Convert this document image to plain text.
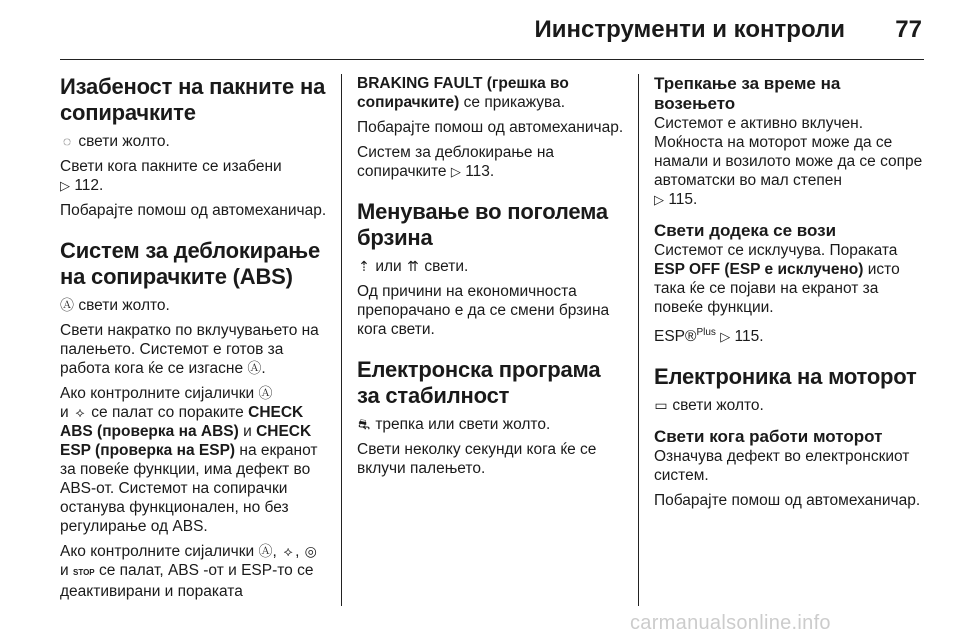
Иинструменти и контроли 77
Изабеност на пакните на сопирачките

◌ свети жолто.

Свети кога пакните се изабени
▷ 112.

Побарајте помош од автомеханичар.

Систем за деблокирање на сопирачките (ABS)

Ⓐ свети жолто.

Свети накратко по вклучувањето на палењето. Системот е готов за работа кога ќе се изгасне Ⓐ.

Ако контролните сијалички Ⓐ
и ⟡ се палат со пораките CHECK ABS (проверка на ABS) и CHECK ESP (проверка на ESP) на екранот за повеќе функции, има дефект во ABS-от. Системот на сопирачки останува функционален, но без регулирање од ABS.

Ако контролните сијалички Ⓐ, ⟡ , ◎ и STOP се палат, ABS -от и ESP-то се деактивирани и пораката

BRAKING FAULT (грешка во сопирачките) се прикажува.

Побарајте помош од автомеханичар.

Систем за деблокирање на сопирачките ▷ 113.

Менување во поголема брзина

⇡ или ⇈ свети.

Од причини на економичноста препорачано е да се смени брзина кога свети.

Електронска програма за стабилност

⛐ трепка или свети жолто.

Свети неколку секунди кога ќе се вклучи палењето.

Трепкање за време на возењето

Системот е активно вклучен. Моќноста на моторот може да се намали и возилото може да се сопре автоматски во мал степен
▷ 115.

Свети додека се вози

Системот се исклучува. Пораката ESP OFF (ESP е исклучено) исто така ќе се појави на екранот за повеќе функции.

ESP®$^{Plus}$ ▷ 115.

Електроника на моторот

▭ свети жолто.

Свети кога работи моторот

Означува дефект во електронскиот систем.

Побарајте помош од автомеханичар.

carmanualsonline.info
